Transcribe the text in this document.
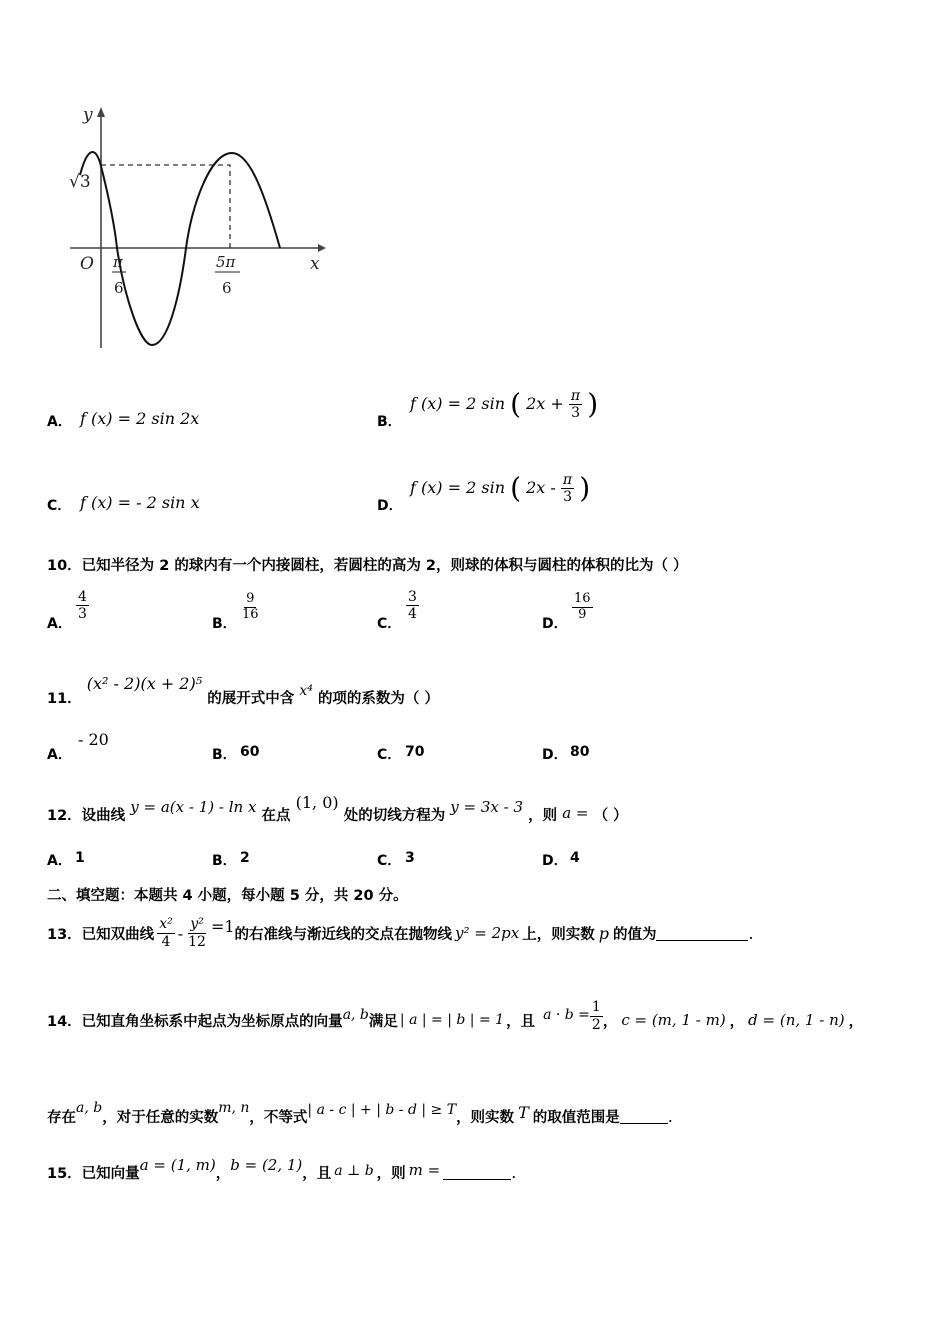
y
x
O
√3
π
6
5π
6
A． f (x) = 2 sin 2x	B．
f (x) = 2 sin ( $2x + \frac{\pi}{3}$ )
C． f (x) = - 2 sin x	D．
f (x) = 2 sin ( $2x - \frac{\pi}{3}$ )
10．已知半径为 2 的球内有一个内接圆柱，若圆柱的高为 2，则球的体积与圆柱的体积的比为（ ）
A．
$\frac{4}{3}$
B．
$\frac{9}{16}$
C．
$\frac{3}{4}$
D．
$\frac{16}{9}$
11． (x² - 2)(x + 2)⁵ 的展开式中含 x⁴ 的项的系数为（ ）
A．
- 20
B． 60	C． 70	D． 80
12．设曲线 y = a(x - 1) - ln x 在点 (1, 0) 处的切线方程为 y = 3x - 3 ，则 a = （ ）
A． 1	B． 2	C． 3	D． 4
二、填空题：本题共 4 小题，每小题 5 分，共 20 分。
13．已知双曲线 $\frac{\text{x²}}{4} - \frac{\text{y²}}{12} =1$ 的右准线与渐近线的交点在抛物线 y² = 2px 上，则实数 p 的值为	.
14．已知直角坐标系中起点为坐标原点的向量 a, b 满足 | a | = | b | = 1 ，且 $a \cdot b = \frac{1}{2}$ ， c = (m, 1 - m) ， d = (n, 1 - n) ，
存在
a, b
，对于任意的实数
m, n
，不等式 | a - c | + | b - d | ≥ T ，则实数 T 的取值范围是	.
15．已知向量 a = (1, m) ， b = (2, 1) ，且 a ⊥ b ，则 m =	.
